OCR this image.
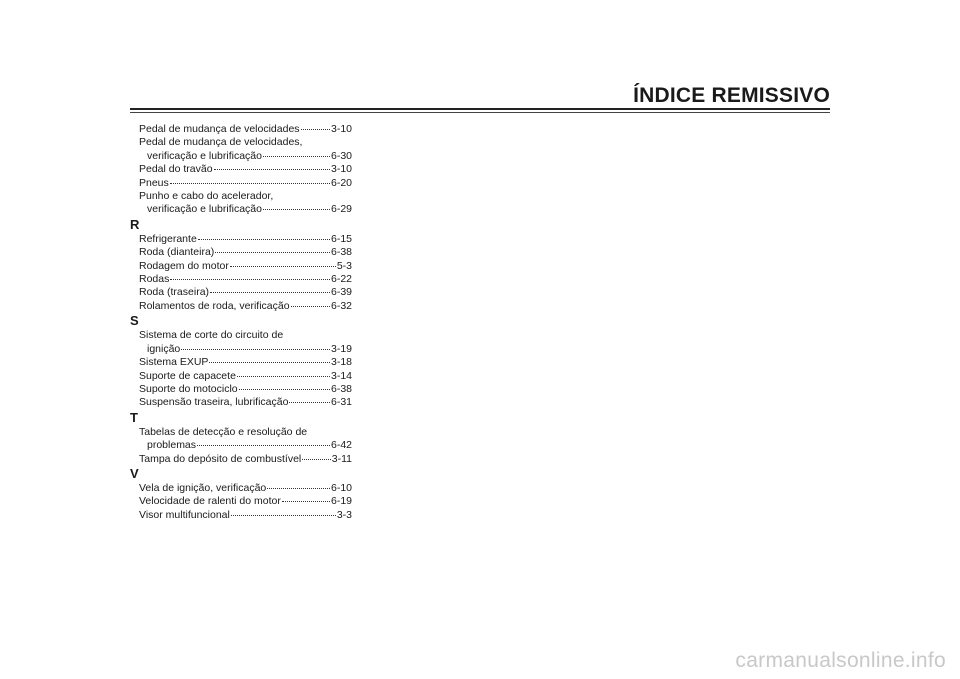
ÍNDICE REMISSIVO
Pedal de mudança de velocidades	3-10
Pedal de mudança de velocidades,
verificação e lubrificação	6-30
Pedal do travão	3-10
Pneus	6-20
Punho e cabo do acelerador,
verificação e lubrificação	6-29
R
Refrigerante	6-15
Roda (dianteira)	6-38
Rodagem do motor	5-3
Rodas	6-22
Roda (traseira)	6-39
Rolamentos de roda, verificação	6-32
S
Sistema de corte do circuito de
ignição	3-19
Sistema EXUP	3-18
Suporte de capacete	3-14
Suporte do motociclo	6-38
Suspensão traseira, lubrificação	6-31
T
Tabelas de detecção e resolução de
problemas	6-42
Tampa do depósito de combustível	3-11
V
Vela de ignição, verificação	6-10
Velocidade de ralenti do motor	6-19
Visor multifuncional	3-3
carmanualsonline.info
